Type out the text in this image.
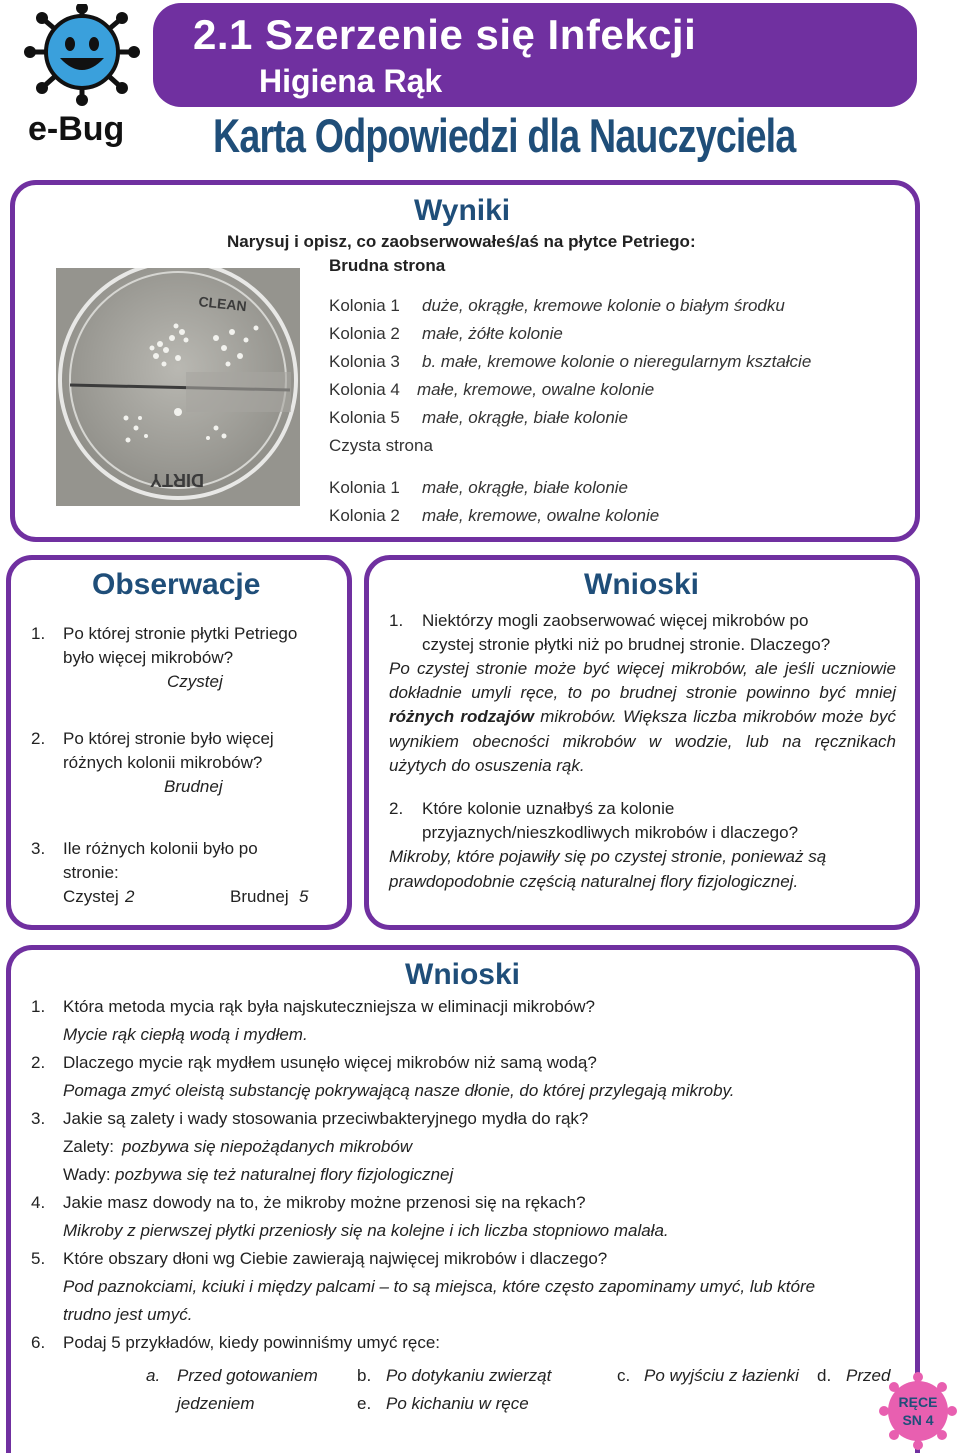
e-Bug
2.1 Szerzenie się Infekcji
Higiena Rąk
Karta Odpowiedzi dla Nauczyciela
Wyniki
Narysuj i opisz, co zaobserwowałeś/aś na płytce Petriego:
Brudna strona
CLEAN
DIRTY
Kolonia 1 duże, okrągłe, kremowe kolonie o białym środku
Kolonia 2 małe, żółte kolonie
Kolonia 3 b. małe, kremowe kolonie o nieregularnym kształcie
Kolonia 4 małe, kremowe, owalne kolonie
Kolonia 5 małe, okrągłe, białe kolonie
Czysta strona
Kolonia 1 małe, okrągłe, białe kolonie
Kolonia 2 małe, kremowe, owalne kolonie
Obserwacje
1. Po której stronie płytki Petriego
było więcej mikrobów?
Czystej
2. Po której stronie było więcej
różnych kolonii mikrobów?
Brudnej
3. Ile różnych kolonii było po
stronie:
Czystej 2	Brudnej 5
Wnioski
1. Niektórzy mogli zaobserwować więcej mikrobów po
czystej stronie płytki niż po brudnej stronie. Dlaczego?
Po czystej stronie może być więcej mikrobów, ale jeśli uczniowie dokładnie umyli ręce, to po brudnej stronie powinno być mniej różnych rodzajów mikrobów. Większa liczba mikrobów może być wynikiem obecności mikrobów w wodzie, lub na ręcznikach użytych do osuszenia rąk.
2. Które kolonie uznałbyś za kolonie
przyjaznych/nieszkodliwych mikrobów i dlaczego?
Mikroby, które pojawiły się po czystej stronie, ponieważ są
prawdopodobnie częścią naturalnej flory fizjologicznej.
Wnioski
1. Która metoda mycia rąk była najskuteczniejsza w eliminacji mikrobów?
Mycie rąk ciepłą wodą i mydłem.
2. Dlaczego mycie rąk mydłem usunęło więcej mikrobów niż samą wodą?
Pomaga zmyć oleistą substancję pokrywającą nasze dłonie, do której przylegają mikroby.
3. Jakie są zalety i wady stosowania przeciwbakteryjnego mydła do rąk?
Zalety: pozbywa się niepożądanych mikrobów
Wady: pozbywa się też naturalnej flory fizjologicznej
4. Jakie masz dowody na to, że mikroby możne przenosi się na rękach?
Mikroby z pierwszej płytki przeniosły się na kolejne i ich liczba stopniowo malała.
5. Które obszary dłoni wg Ciebie zawierają najwięcej mikrobów i dlaczego?
Pod paznokciami, kciuki i między palcami – to są miejsca, które często zapominamy umyć, lub które
trudno jest umyć.
6. Podaj 5 przykładów, kiedy powinniśmy umyć ręce:
a. Przed gotowaniem b. Po dotykaniu zwierząt	c. Po wyjściu z łazienki d. Przed
jedzeniem	e. Po kichaniu w ręce	RĘCE
SN 4
